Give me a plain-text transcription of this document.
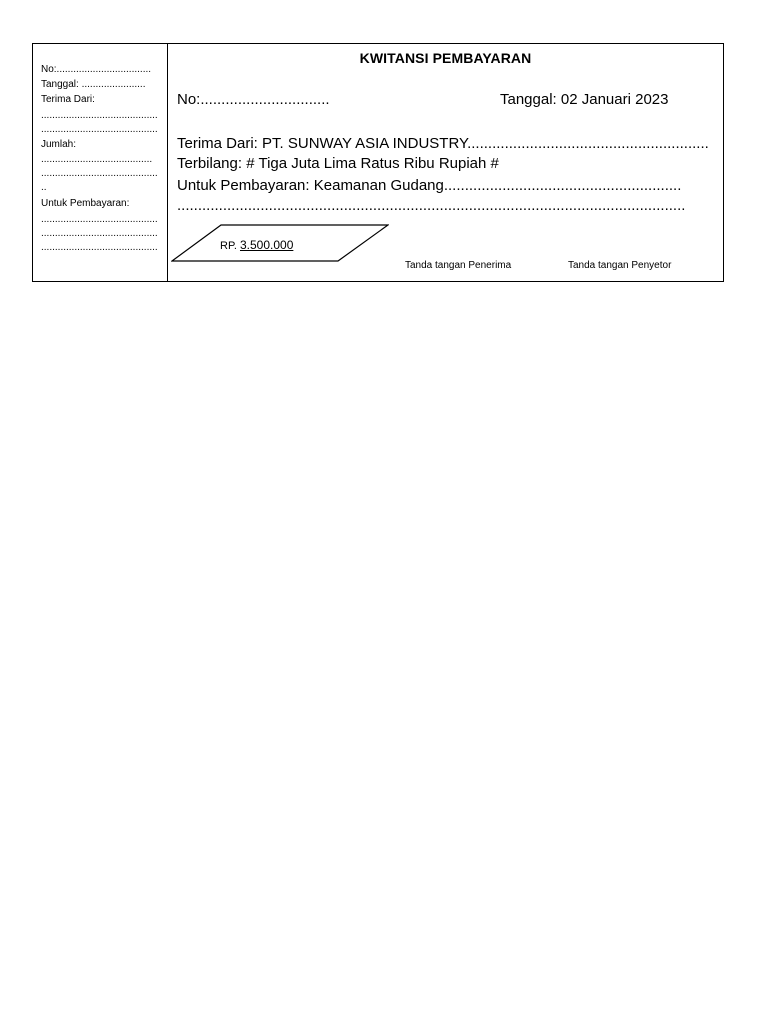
No:..................................
Tanggal: .......................
Terima Dari:
..........................................
..........................................
Jumlah:
........................................
..........................................
..
Untuk Pembayaran:
..........................................
..........................................
..........................................
KWITANSI PEMBAYARAN
No:...............................	Tanggal: 02 Januari 2023
Terima Dari: PT. SUNWAY ASIA INDUSTRY..........................................................
Terbilang: # Tiga Juta Lima Ratus Ribu Rupiah #
Untuk Pembayaran: Keamanan Gudang.........................................................
..........................................................................................................................
RP. 3.500.000
Tanda tangan Penerima	Tanda tangan Penyetor
